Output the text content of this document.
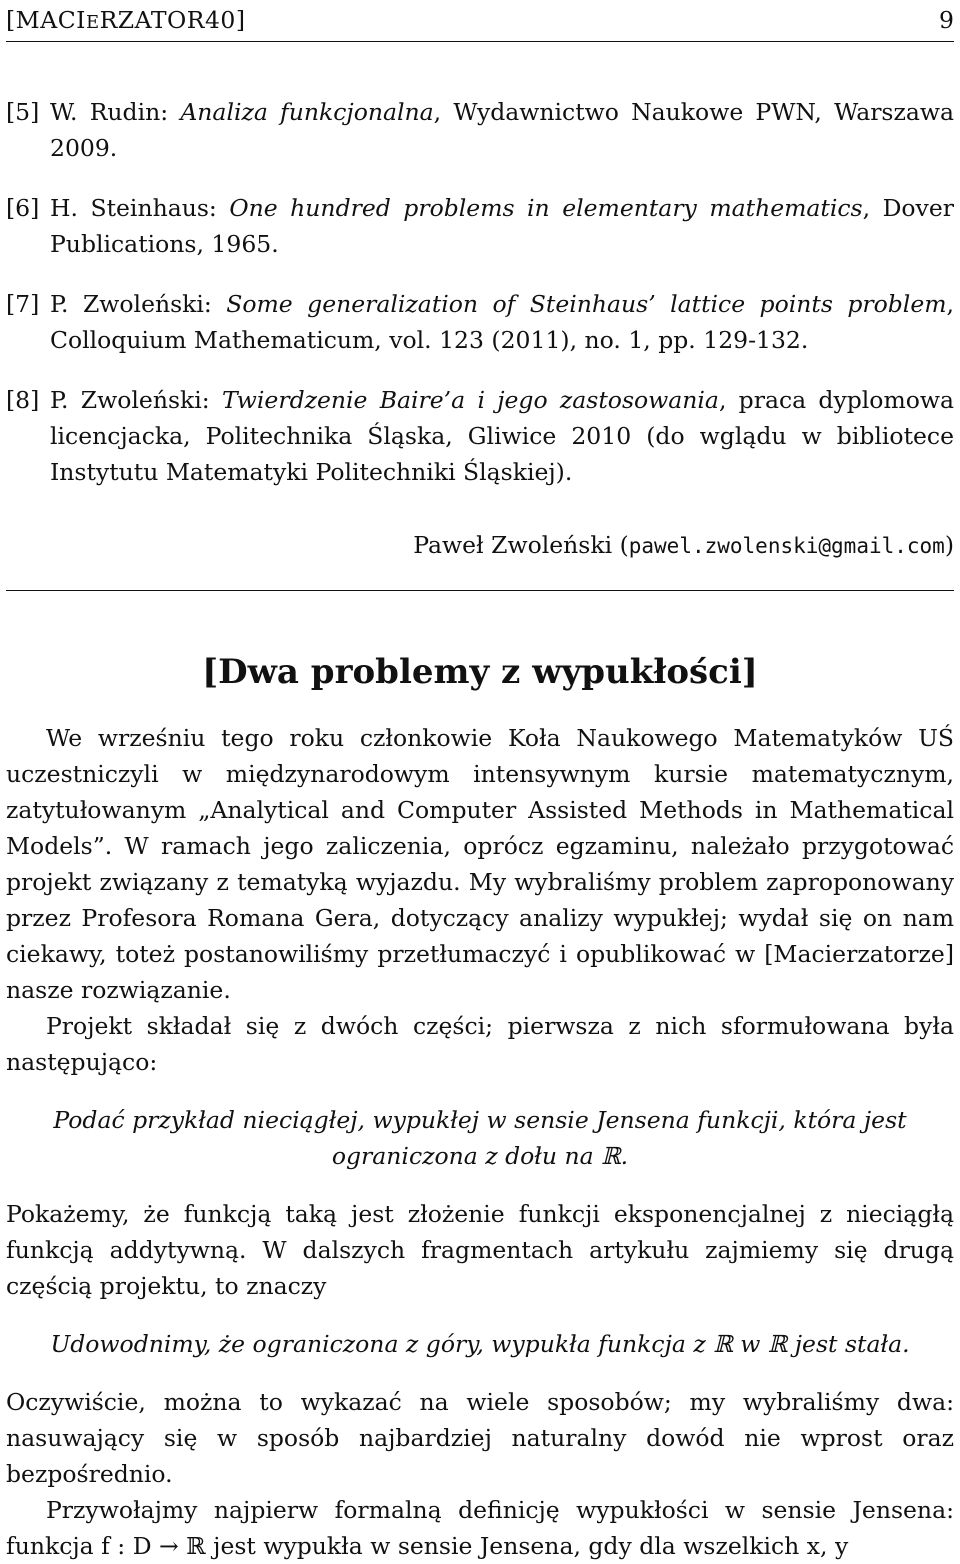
[MACIERZATOR40]	9

[5] W. Rudin: Analiza funkcjonalna, Wydawnictwo Naukowe PWN, Warszawa 2009.

[6] H. Steinhaus: One hundred problems in elementary mathematics, Dover Publications, 1965.

[7] P. Zwoleński: Some generalization of Steinhaus’ lattice points problem, Colloquium Mathematicum, vol. 123 (2011), no. 1, pp. 129-132.

[8] P. Zwoleński: Twierdzenie Baire’a i jego zastosowania, praca dyplomowa licencjacka, Politechnika Śląska, Gliwice 2010 (do wglądu w bibliotece Instytutu Matematyki Politechniki Śląskiej).

Paweł Zwoleński (pawel.zwolenski@gmail.com)
[Dwa problemy z wypukłości]

We wrześniu tego roku członkowie Koła Naukowego Matematyków UŚ uczestniczyli w międzynarodowym intensywnym kursie matematycznym, zatytułowanym „Analytical and Computer Assisted Methods in Mathematical Models”. W ramach jego zaliczenia, oprócz egzaminu, należało przygotować projekt związany z tematyką wyjazdu. My wybraliśmy problem zaproponowany przez Profesora Romana Gera, dotyczący analizy wypukłej; wydał się on nam ciekawy, toteż postanowiliśmy przetłumaczyć i opublikować w [Macierzatorze] nasze rozwiązanie.

Projekt składał się z dwóch części; pierwsza z nich sformułowana była następująco:

Podać przykład nieciągłej, wypukłej w sensie Jensena funkcji, która jest
ograniczona z dołu na ℝ.

Pokażemy, że funkcją taką jest złożenie funkcji eksponencjalnej z nieciągłą funkcją addytywną. W dalszych fragmentach artykułu zajmiemy się drugą częścią projektu, to znaczy

Udowodnimy, że ograniczona z góry, wypukła funkcja z ℝ w ℝ jest stała.

Oczywiście, można to wykazać na wiele sposobów; my wybraliśmy dwa: nasuwający się w sposób najbardziej naturalny dowód nie wprost oraz bezpośrednio.

Przywołajmy najpierw formalną definicję wypukłości w sensie Jensena: funkcja f : D → ℝ jest wypukła w sensie Jensena, gdy dla wszelkich x, y
